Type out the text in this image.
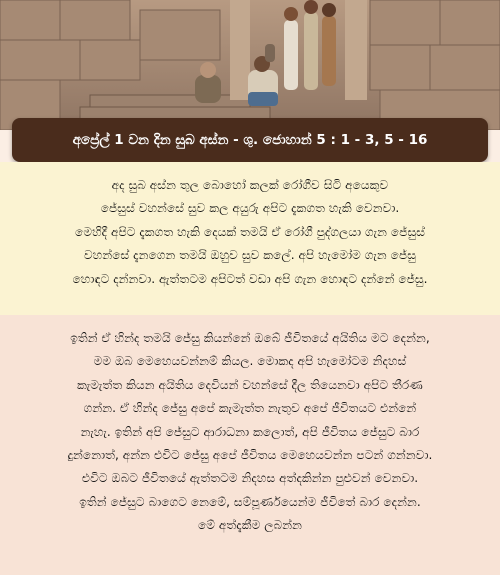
අප්‍රේල් 1 වන දින සුබ අස්න - ශු. ජොහාන් 5 : 1 - 3, 5 - 16

අද සුබ අස්න තුල බොහෝ කලක් රෝගීව සිටි අයෙකුව
ජේසුස් වහන්සේ සුව කල අයුරු අපිට දැකගත හැකි වෙනවා.
මෙහිදී අපිට දැකගත හැකි දෙයක් තමයි ඒ රෝගී පුද්ගලයා ගැන ජේසුස්
වහන්සේ දැනගෙන තමයි ඔහුව සුව කලේ. අපි හැමෝම ගැන ජේසු
හොඳට දන්නවා. ඇත්තටම අපිටත් වඩා අපි ගැන හොඳට දන්නේ ජේසු.

ඉතින් ඒ හින්ද තමයි ජේසු කියන්නේ ඔබේ ජීවිතයේ අයිතිය මට දෙන්න,
මම ඔබ මෙහෙයවන්නම් කියල. මොකද අපි හැමෝටම නිදහස්
කැමැත්ත කියන අයිතිය දෙවියන් වහන්සේ දීල තියෙනවා අපිට තීරණ
ගන්න. ඒ හින්ද ජේසු අපේ කැමැත්ත නැතුව අපේ ජීවිතයට එන්නේ
නැහැ. ඉතින් අපි ජේසුට ආරාධනා කලොත්, අපි ජීවිතය ජේසුට බාර
දුන්නොත්, අන්න එවිට ජේසු අපේ ජීවිතය මෙහෙයවන්න පටන් ගන්නවා.
එවිට ඔබට ජීවිතයේ ඇත්තටම නිදහස අත්දකින්න පුළුවන් වෙනවා.
ඉතින් ජේසුට බාගෙට නෙමේ, සම්පූර්ණයෙන්ම ජීවිතේ බාර දෙන්න.
මේ අත්දැකීම ලබන්න
